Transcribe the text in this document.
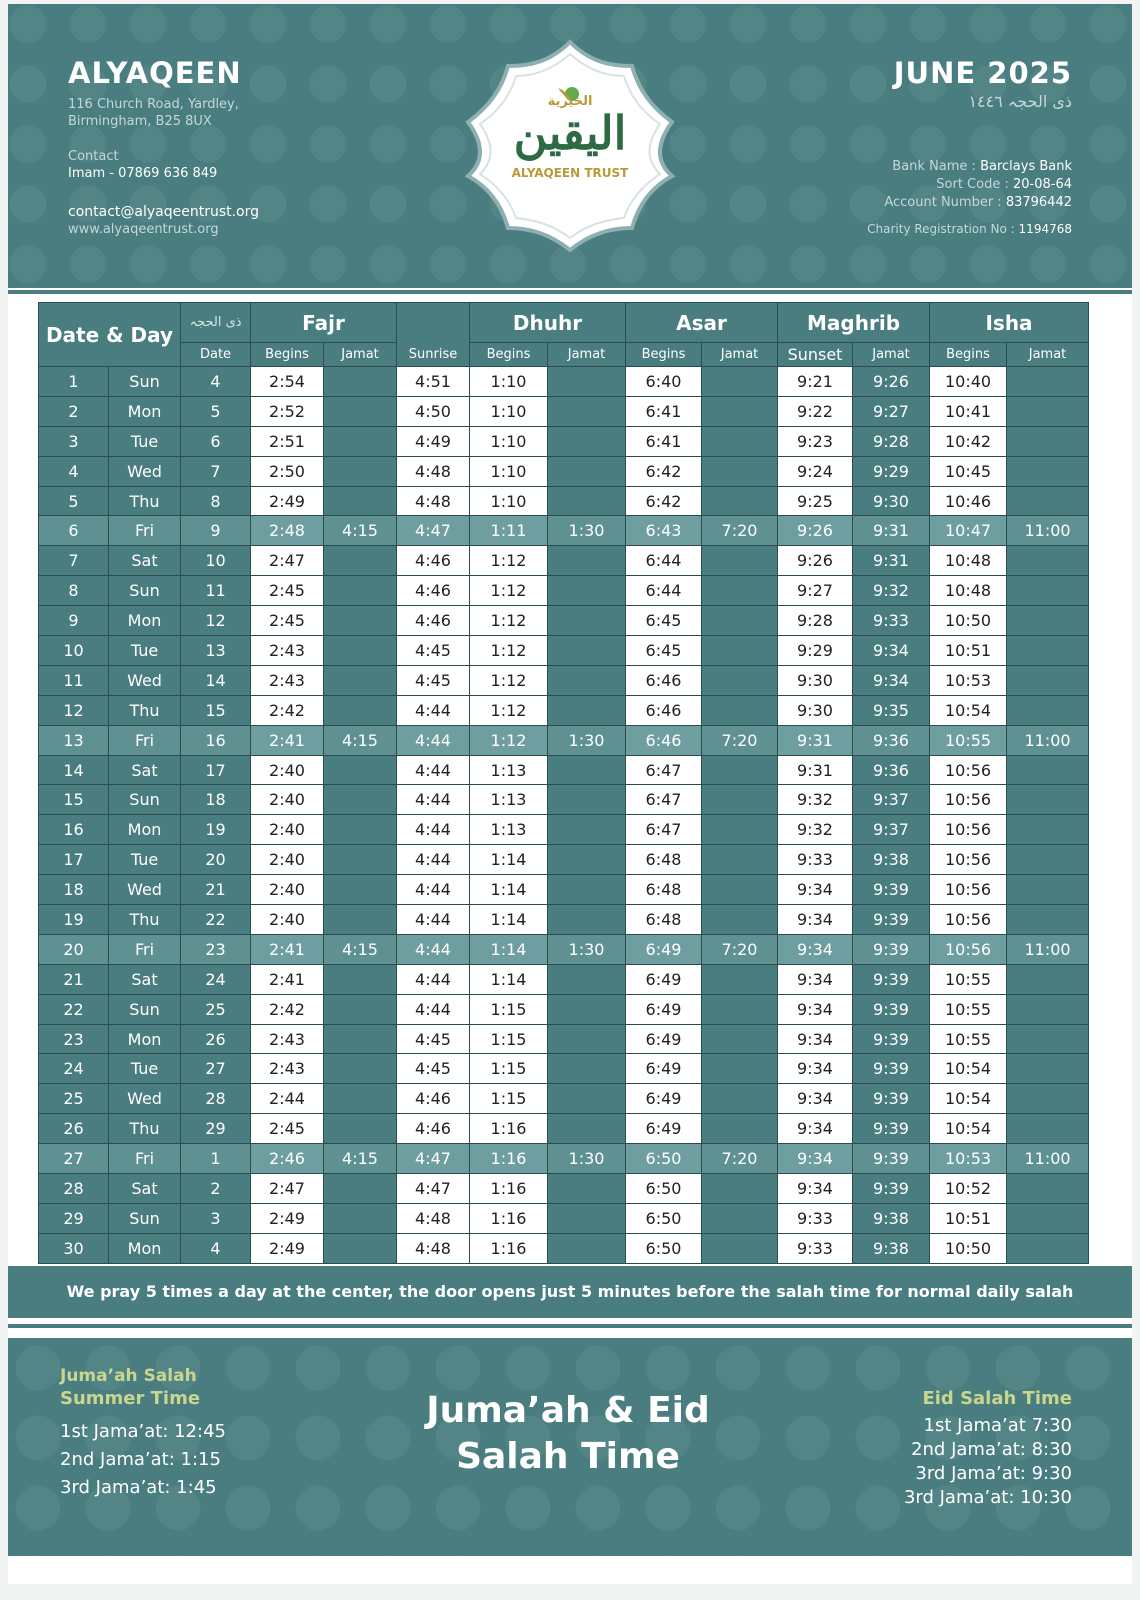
ALYAQEEN
116 Church Road, Yardley,
Birmingham, B25 8UX
Contact
Imam - 07869 636 849
contact@alyaqeentrust.org
www.alyaqeentrust.org
الخيرية
اليقين
ALYAQEEN TRUST
JUNE 2025
ذی الحجہ ١٤٤٦
Bank Name : Barclays Bank
Sort Code : 20-08-64
Account Number : 83796442
Charity Registration No : 1194768
Date & Day		ذی الحجہ	Fajr		Sunrise	Dhuhr		Asar		Maghrib		Isha	
		Date	Begins	Jamat		Begins	Jamat	Begins	Jamat	Sunset	Jamat	Begins	Jamat
1	Sun	4	2:54		4:51	1:10		6:40		9:21	9:26	10:40	
2	Mon	5	2:52		4:50	1:10		6:41		9:22	9:27	10:41	
3	Tue	6	2:51		4:49	1:10		6:41		9:23	9:28	10:42	
4	Wed	7	2:50		4:48	1:10		6:42		9:24	9:29	10:45	
5	Thu	8	2:49		4:48	1:10		6:42		9:25	9:30	10:46	
6	Fri	9	2:48	4:15	4:47	1:11	1:30	6:43	7:20	9:26	9:31	10:47	11:00
7	Sat	10	2:47		4:46	1:12		6:44		9:26	9:31	10:48	
8	Sun	11	2:45		4:46	1:12		6:44		9:27	9:32	10:48	
9	Mon	12	2:45		4:46	1:12		6:45		9:28	9:33	10:50	
10	Tue	13	2:43		4:45	1:12		6:45		9:29	9:34	10:51	
11	Wed	14	2:43		4:45	1:12		6:46		9:30	9:34	10:53	
12	Thu	15	2:42		4:44	1:12		6:46		9:30	9:35	10:54	
13	Fri	16	2:41	4:15	4:44	1:12	1:30	6:46	7:20	9:31	9:36	10:55	11:00
14	Sat	17	2:40		4:44	1:13		6:47		9:31	9:36	10:56	
15	Sun	18	2:40		4:44	1:13		6:47		9:32	9:37	10:56	
16	Mon	19	2:40		4:44	1:13		6:47		9:32	9:37	10:56	
17	Tue	20	2:40		4:44	1:14		6:48		9:33	9:38	10:56	
18	Wed	21	2:40		4:44	1:14		6:48		9:34	9:39	10:56	
19	Thu	22	2:40		4:44	1:14		6:48		9:34	9:39	10:56	
20	Fri	23	2:41	4:15	4:44	1:14	1:30	6:49	7:20	9:34	9:39	10:56	11:00
21	Sat	24	2:41		4:44	1:14		6:49		9:34	9:39	10:55	
22	Sun	25	2:42		4:44	1:15		6:49		9:34	9:39	10:55	
23	Mon	26	2:43		4:45	1:15		6:49		9:34	9:39	10:55	
24	Tue	27	2:43		4:45	1:15		6:49		9:34	9:39	10:54	
25	Wed	28	2:44		4:46	1:15		6:49		9:34	9:39	10:54	
26	Thu	29	2:45		4:46	1:16		6:49		9:34	9:39	10:54	
27	Fri	1	2:46	4:15	4:47	1:16	1:30	6:50	7:20	9:34	9:39	10:53	11:00
28	Sat	2	2:47		4:47	1:16		6:50		9:34	9:39	10:52	
29	Sun	3	2:49		4:48	1:16		6:50		9:33	9:38	10:51	
30	Mon	4	2:49		4:48	1:16		6:50		9:33	9:38	10:50	
We pray 5 times a day at the center, the door opens just 5 minutes before the salah time for normal daily salah
Juma’ah Salah
Summer Time
1st Jama’at: 12:45
2nd Jama’at: 1:15
3rd Jama’at: 1:45
Juma’ah & Eid
Salah Time
Eid Salah Time
1st Jama’at 7:30
2nd Jama’at: 8:30
3rd Jama’at: 9:30
3rd Jama’at: 10:30
